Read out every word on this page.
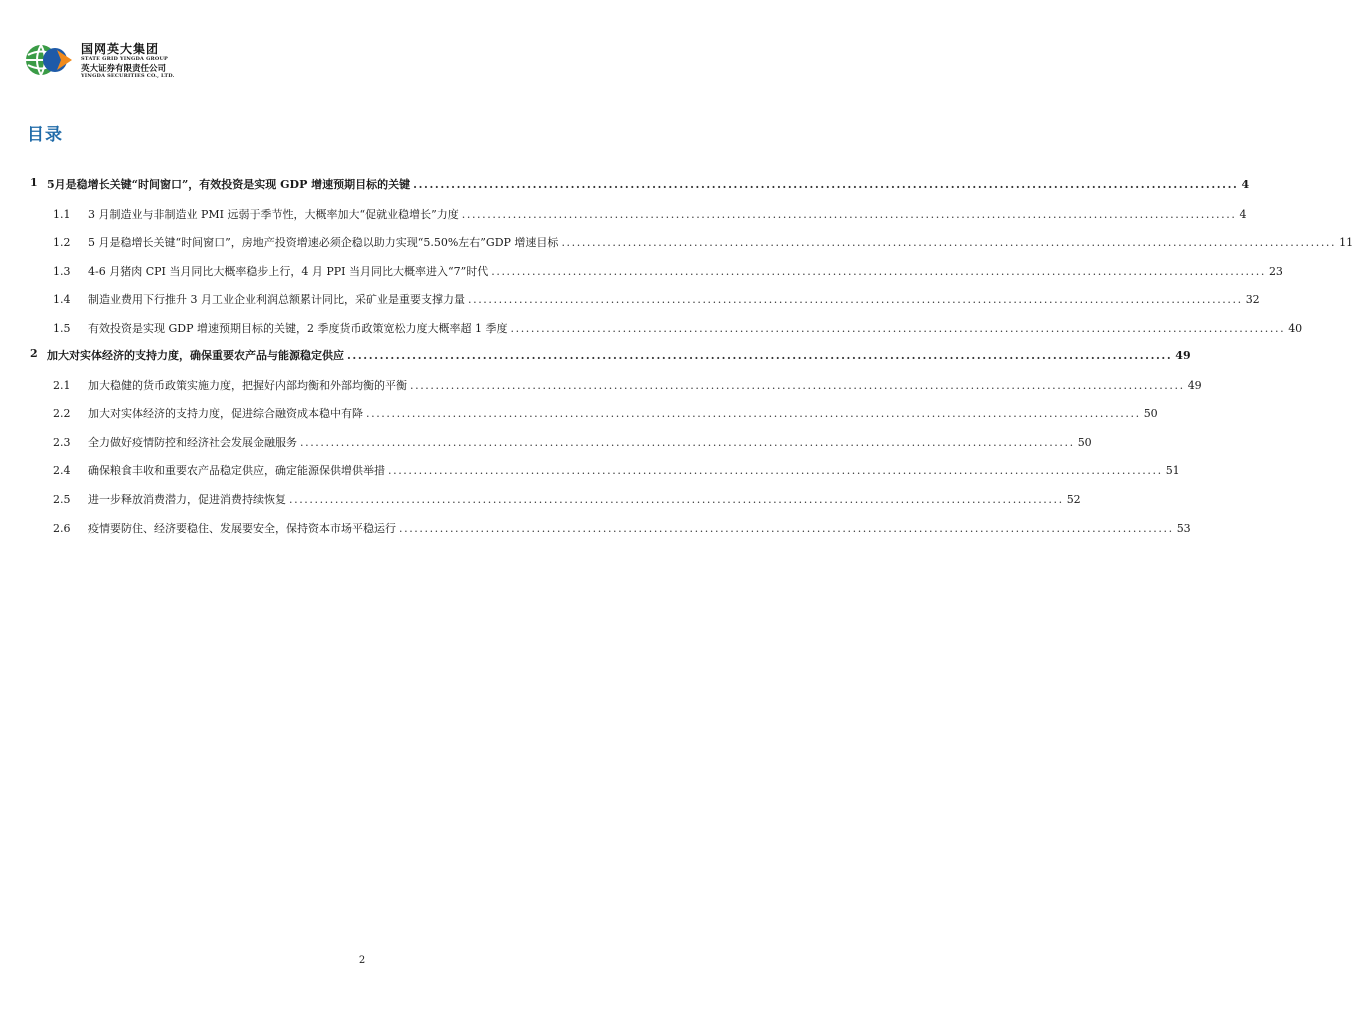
国网英大集团
STATE GRID YINGDA GROUP
英大证券有限责任公司
YINGDA SECURITIES CO., LTD.
目录
1 5月是稳增长关键“时间窗口”，有效投资是实现 GDP 增速预期目标的关键 .....	4
1.1	3 月制造业与非制造业 PMI 远弱于季节性，大概率加大“促就业稳增长”力度 .....	4
1.2	5 月是稳增长关键“时间窗口”，房地产投资增速必须企稳以助力实现“5.50%左右”GDP 增速目标 .....	11
1.3	4-6 月猪肉 CPI 当月同比大概率稳步上行，4 月 PPI 当月同比大概率进入“7”时代 .....	23
1.4	制造业费用下行推升 3 月工业企业利润总额累计同比，采矿业是重要支撑力量 .....	32
1.5	有效投资是实现 GDP 增速预期目标的关键，2 季度货币政策宽松力度大概率超 1 季度 .....	40
2 加大对实体经济的支持力度，确保重要农产品与能源稳定供应 .....	49
2.1	加大稳健的货币政策实施力度，把握好内部均衡和外部均衡的平衡 .....	49
2.2	加大对实体经济的支持力度，促进综合融资成本稳中有降 .....	50
2.3	全力做好疫情防控和经济社会发展金融服务 .....	50
2.4	确保粮食丰收和重要农产品稳定供应，确定能源保供增供举措 .....	51
2.5	进一步释放消费潜力，促进消费持续恢复 .....	52
2.6	疫情要防住、经济要稳住、发展要安全，保持资本市场平稳运行 .....	53
2
